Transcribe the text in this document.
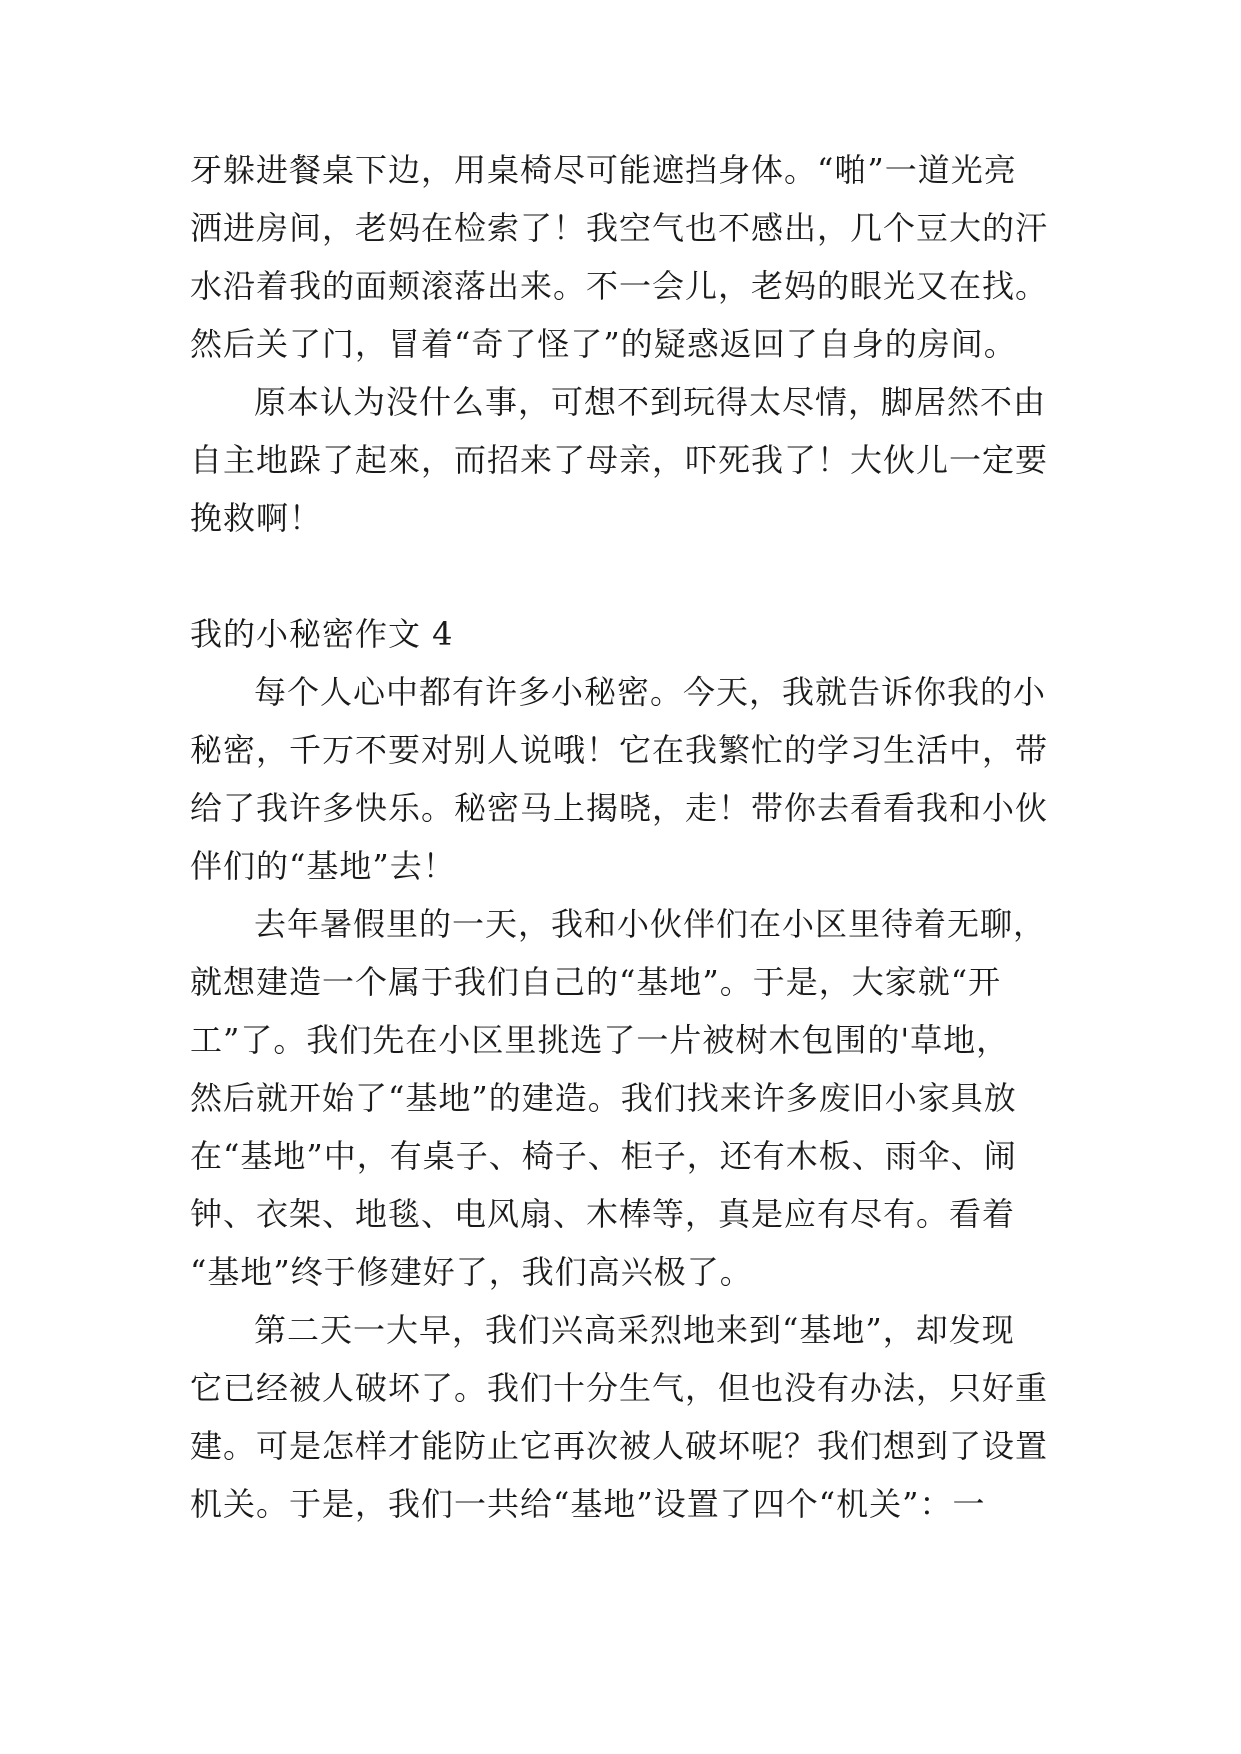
牙躲进餐桌下边，用桌椅尽可能遮挡身体。“啪”一道光亮
洒进房间，老妈在检索了！我空气也不感出，几个豆大的汗
水沿着我的面颊滚落出来。不一会儿，老妈的眼光又在找。
然后关了门，冒着“奇了怪了”的疑惑返回了自身的房间。
原本认为没什么事，可想不到玩得太尽情，脚居然不由
自主地跺了起來，而招来了母亲，吓死我了！大伙儿一定要
挽救啊！
我的小秘密作文 4
每个人心中都有许多小秘密。今天，我就告诉你我的小
秘密，千万不要对别人说哦！它在我繁忙的学习生活中，带
给了我许多快乐。秘密马上揭晓，走！带你去看看我和小伙
伴们的“基地”去！
去年暑假里的一天，我和小伙伴们在小区里待着无聊，
就想建造一个属于我们自己的“基地”。于是，大家就“开
工”了。我们先在小区里挑选了一片被树木包围的'草地，
然后就开始了“基地”的建造。我们找来许多废旧小家具放
在“基地”中，有桌子、椅子、柜子，还有木板、雨伞、闹
钟、衣架、地毯、电风扇、木棒等，真是应有尽有。看着
“基地”终于修建好了，我们高兴极了。
第二天一大早，我们兴高采烈地来到“基地”，却发现
它已经被人破坏了。我们十分生气，但也没有办法，只好重
建。可是怎样才能防止它再次被人破坏呢？我们想到了设置
机关。于是，我们一共给“基地”设置了四个“机关”：一
